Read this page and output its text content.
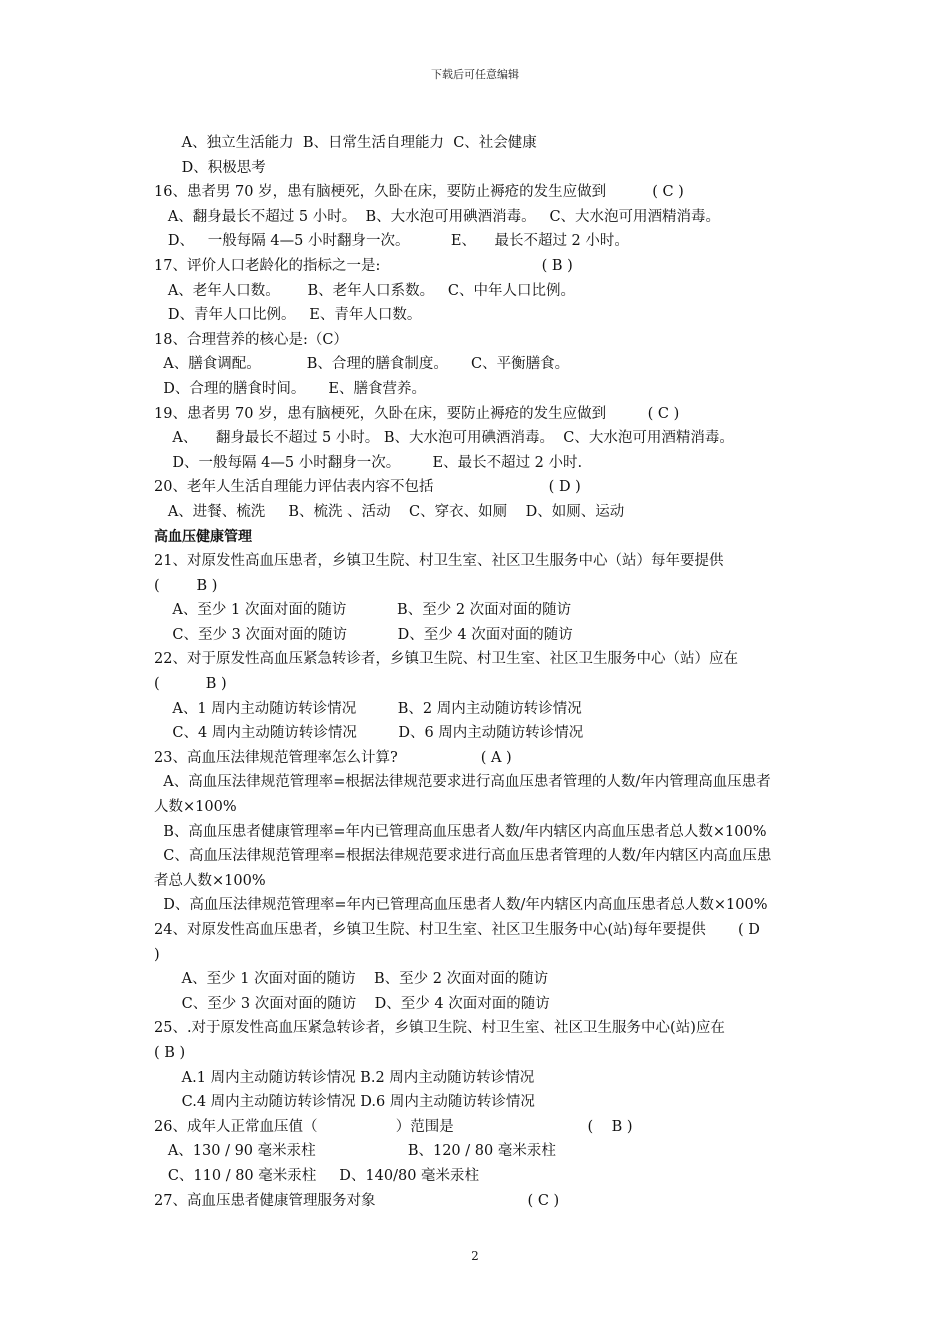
下载后可任意编辑
A、独立生活能力  B、日常生活自理能力  C、社会健康
D、积极思考
16、患者男 70 岁，患有脑梗死，久卧在床，要防止褥疮的发生应做到          ( C )
A、翻身最长不超过 5 小时。  B、大水泡可用碘酒消毒。   C、大水泡可用酒精消毒。
D、   一般每隔 4—5 小时翻身一次。         E、    最长不超过 2 小时。
17、评价人口老龄化的指标之一是:                                   ( B )
A、老年人口数。      B、老年人口系数。   C、中年人口比例。
D、青年人口比例。   E、青年人口数。
18、合理营养的核心是:（C）
A、膳食调配。          B、合理的膳食制度。     C、平衡膳食。
D、合理的膳食时间。     E、膳食营养。
19、患者男 70 岁，患有脑梗死，久卧在床，要防止褥疮的发生应做到         ( C )
A、    翻身最长不超过 5 小时。 B、大水泡可用碘酒消毒。  C、大水泡可用酒精消毒。
D、一般每隔 4—5 小时翻身一次。       E、最长不超过 2 小时.
20、老年人生活自理能力评估表内容不包括                         ( D )
A、进餐、梳洗     B、梳洗 、活动    C、穿衣、如厕    D、如厕、运动
高血压健康管理
21、对原发性高血压患者，乡镇卫生院、村卫生室、社区卫生服务中心（站）每年要提供
(        B )
A、至少 1 次面对面的随访           B、至少 2 次面对面的随访
C、至少 3 次面对面的随访           D、至少 4 次面对面的随访
22、对于原发性高血压紧急转诊者，乡镇卫生院、村卫生室、社区卫生服务中心（站）应在
(          B )
A、1 周内主动随访转诊情况         B、2 周内主动随访转诊情况
C、4 周内主动随访转诊情况         D、6 周内主动随访转诊情况
23、高血压法律规范管理率怎么计算?                  ( A )
A、高血压法律规范管理率=根据法律规范要求进行高血压患者管理的人数/年内管理高血压患者
人数×100%
B、高血压患者健康管理率=年内已管理高血压患者人数/年内辖区内高血压患者总人数×100%
C、高血压法律规范管理率=根据法律规范要求进行高血压患者管理的人数/年内辖区内高血压患
者总人数×100%
D、高血压法律规范管理率=年内已管理高血压患者人数/年内辖区内高血压患者总人数×100%
24、对原发性高血压患者，乡镇卫生院、村卫生室、社区卫生服务中心(站)每年要提供       ( D
)
A、至少 1 次面对面的随访    B、至少 2 次面对面的随访
C、至少 3 次面对面的随访    D、至少 4 次面对面的随访
25、.对于原发性高血压紧急转诊者，乡镇卫生院、村卫生室、社区卫生服务中心(站)应在
( B )
A.1 周内主动随访转诊情况 B.2 周内主动随访转诊情况
C.4 周内主动随访转诊情况 D.6 周内主动随访转诊情况
26、成年人正常血压值（                 ）范围是                             (    B )
A、130 / 90 毫米汞柱                    B、120 / 80 毫米汞柱
C、110 / 80 毫米汞柱     D、140/80 毫米汞柱
27、高血压患者健康管理服务对象                                 ( C )
2
